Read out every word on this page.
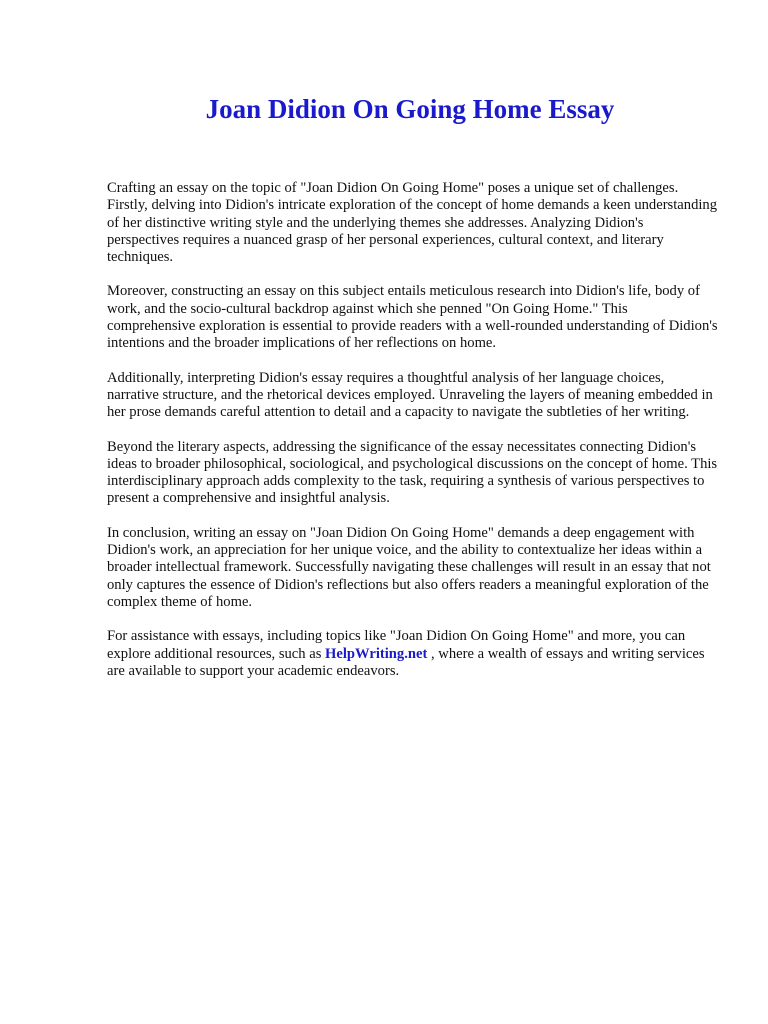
Joan Didion On Going Home Essay

Crafting an essay on the topic of "Joan Didion On Going Home" poses a unique set of challenges. Firstly, delving into Didion's intricate exploration of the concept of home demands a keen understanding of her distinctive writing style and the underlying themes she addresses. Analyzing Didion's perspectives requires a nuanced grasp of her personal experiences, cultural context, and literary techniques.

Moreover, constructing an essay on this subject entails meticulous research into Didion's life, body of work, and the socio-cultural backdrop against which she penned "On Going Home." This comprehensive exploration is essential to provide readers with a well-rounded understanding of Didion's intentions and the broader implications of her reflections on home.

Additionally, interpreting Didion's essay requires a thoughtful analysis of her language choices, narrative structure, and the rhetorical devices employed. Unraveling the layers of meaning embedded in her prose demands careful attention to detail and a capacity to navigate the subtleties of her writing.

Beyond the literary aspects, addressing the significance of the essay necessitates connecting Didion's ideas to broader philosophical, sociological, and psychological discussions on the concept of home. This interdisciplinary approach adds complexity to the task, requiring a synthesis of various perspectives to present a comprehensive and insightful analysis.

In conclusion, writing an essay on "Joan Didion On Going Home" demands a deep engagement with Didion's work, an appreciation for her unique voice, and the ability to contextualize her ideas within a broader intellectual framework. Successfully navigating these challenges will result in an essay that not only captures the essence of Didion's reflections but also offers readers a meaningful exploration of the complex theme of home.

For assistance with essays, including topics like "Joan Didion On Going Home" and more, you can explore additional resources, such as HelpWriting.net , where a wealth of essays and writing services are available to support your academic endeavors.
